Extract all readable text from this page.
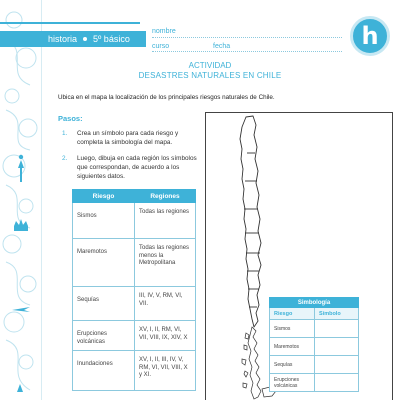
historia 5º básico
nombre
curso	fecha	h
ACTIVIDAD
DESASTRES NATURALES EN CHILE
Ubica en el mapa la localización de los principales riesgos naturales de Chile.
Pasos:
1. Crea un símbolo para cada riesgo y completa la simbología del mapa.
2. Luego, dibuja en cada región los símbolos que correspondan, de acuerdo a los siguientes datos.
Riesgo	Regiones
Sismos	Todas las regiones
Maremotos	Todas las regiones menos la Metropolitana
Sequías	III, IV, V, RM, VI, VII.
Erupciones volcánicas	XV, I, II, RM, VI, VII, VIII, IX, XIV, X
Inundaciones	XV, I, II, III, IV, V, RM, VI, VII, VIII, X y XI.
Simbología	
Riesgo	Símbolo
Sismos	
Maremotos	
Sequías	
Erupciones volcánicas	
